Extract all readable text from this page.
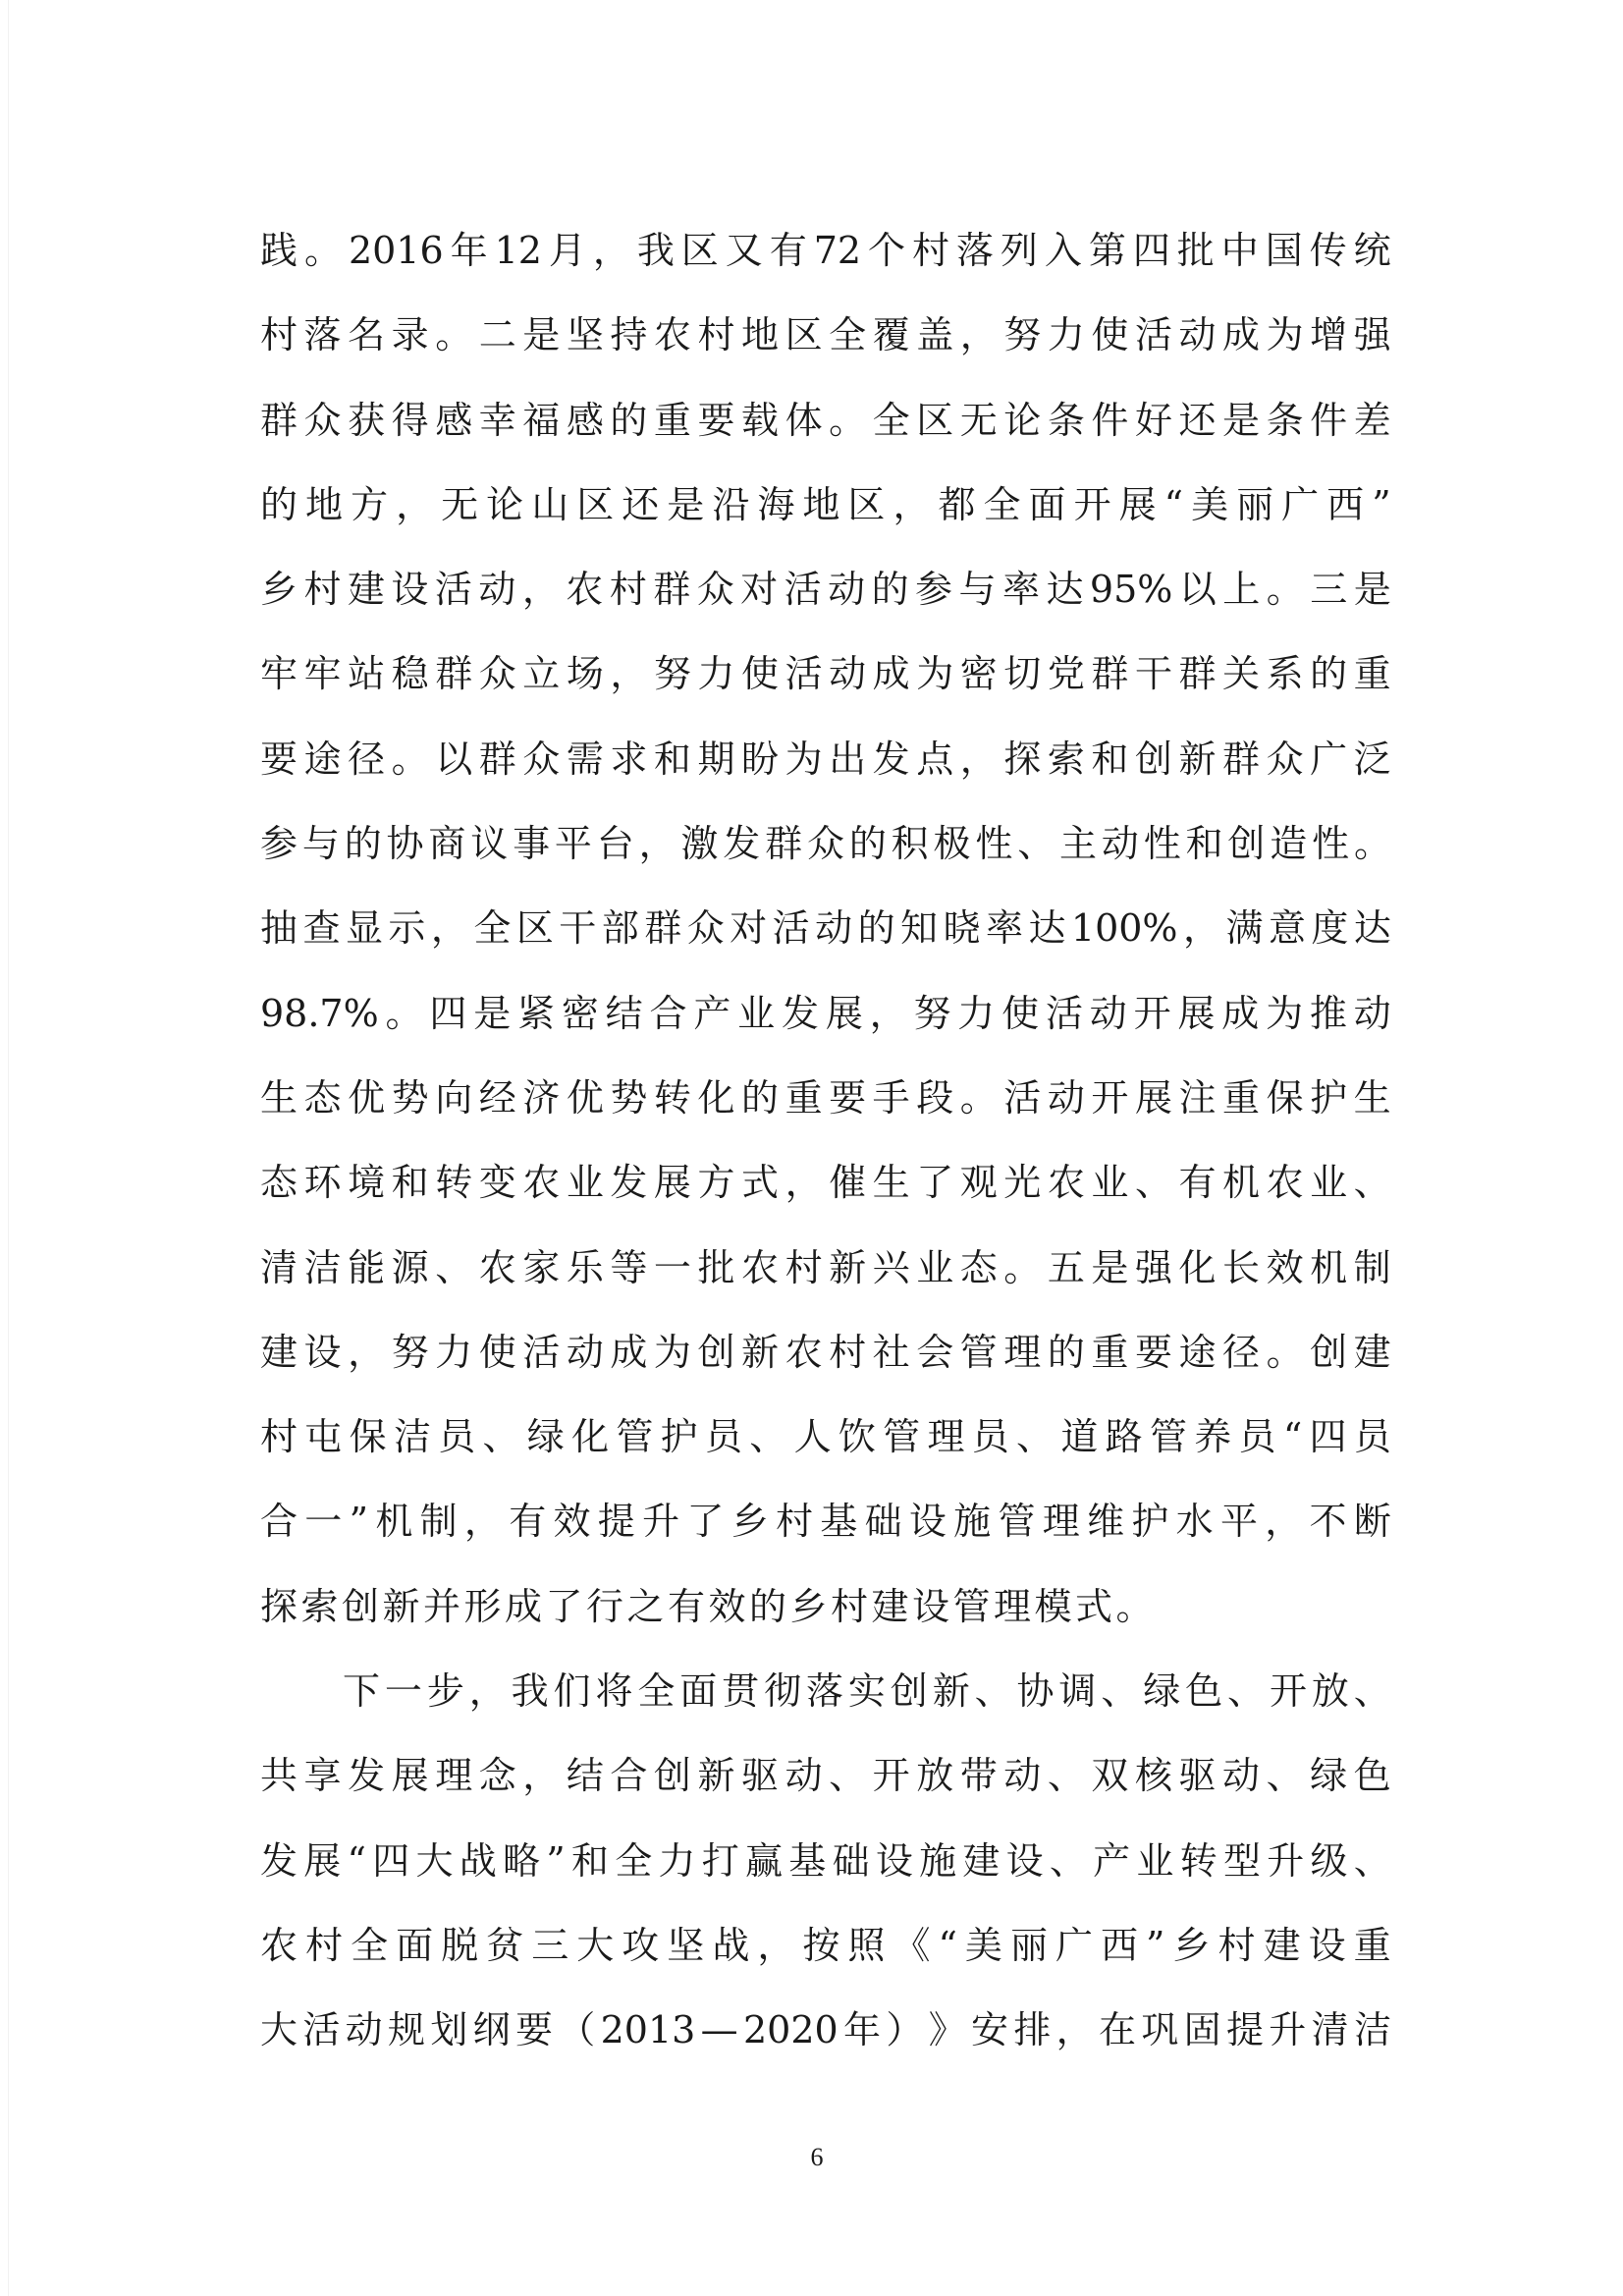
践 。 2016 年 12 月 ， 我 区 又 有 72 个 村 落 列 入 第 四 批 中 国 传 统
村 落 名 录 。 二 是 坚 持 农 村 地 区 全 覆 盖 ， 努 力 使 活 动 成 为 增 强
群 众 获 得 感 幸 福 感 的 重 要 载 体 。 全 区 无 论 条 件 好 还 是 条 件 差
的 地 方 ， 无 论 山 区 还 是 沿 海 地 区 ， 都 全 面 开 展 “ 美 丽 广 西 ”
乡 村 建 设 活 动 ， 农 村 群 众 对 活 动 的 参 与 率 达 95% 以 上 。 三 是
牢 牢 站 稳 群 众 立 场 ， 努 力 使 活 动 成 为 密 切 党 群 干 群 关 系 的 重
要 途 径 。 以 群 众 需 求 和 期 盼 为 出 发 点 ， 探 索 和 创 新 群 众 广 泛
参 与 的 协 商 议 事 平 台 ， 激 发 群 众 的 积 极 性 、 主 动 性 和 创 造 性 。
抽 查 显 示 ， 全 区 干 部 群 众 对 活 动 的 知 晓 率 达 100% ， 满 意 度 达
98.7% 。 四 是 紧 密 结 合 产 业 发 展 ， 努 力 使 活 动 开 展 成 为 推 动
生 态 优 势 向 经 济 优 势 转 化 的 重 要 手 段 。 活 动 开 展 注 重 保 护 生
态 环 境 和 转 变 农 业 发 展 方 式 ， 催 生 了 观 光 农 业 、 有 机 农 业 、
清 洁 能 源 、 农 家 乐 等 一 批 农 村 新 兴 业 态 。 五 是 强 化 长 效 机 制
建 设 ， 努 力 使 活 动 成 为 创 新 农 村 社 会 管 理 的 重 要 途 径 。 创 建
村 屯 保 洁 员 、 绿 化 管 护 员 、 人 饮 管 理 员 、 道 路 管 养 员 “ 四 员
合 一 ” 机 制 ， 有 效 提 升 了 乡 村 基 础 设 施 管 理 维 护 水 平 ， 不 断
探索创新并形成了行之有效的乡村建设管理模式。
下 一 步 ， 我 们 将 全 面 贯 彻 落 实 创 新 、 协 调 、 绿 色 、 开 放 、
共 享 发 展 理 念 ， 结 合 创 新 驱 动 、 开 放 带 动 、 双 核 驱 动 、 绿 色
发 展 “ 四 大 战 略 ” 和 全 力 打 赢 基 础 设 施 建 设 、 产 业 转 型 升 级 、
农 村 全 面 脱 贫 三 大 攻 坚 战 ， 按 照 《 “ 美 丽 广 西 ” 乡 村 建 设 重
大 活 动 规 划 纲 要 （ 2013 — 2020 年 ） 》 安 排 ， 在 巩 固 提 升 清 洁
6
